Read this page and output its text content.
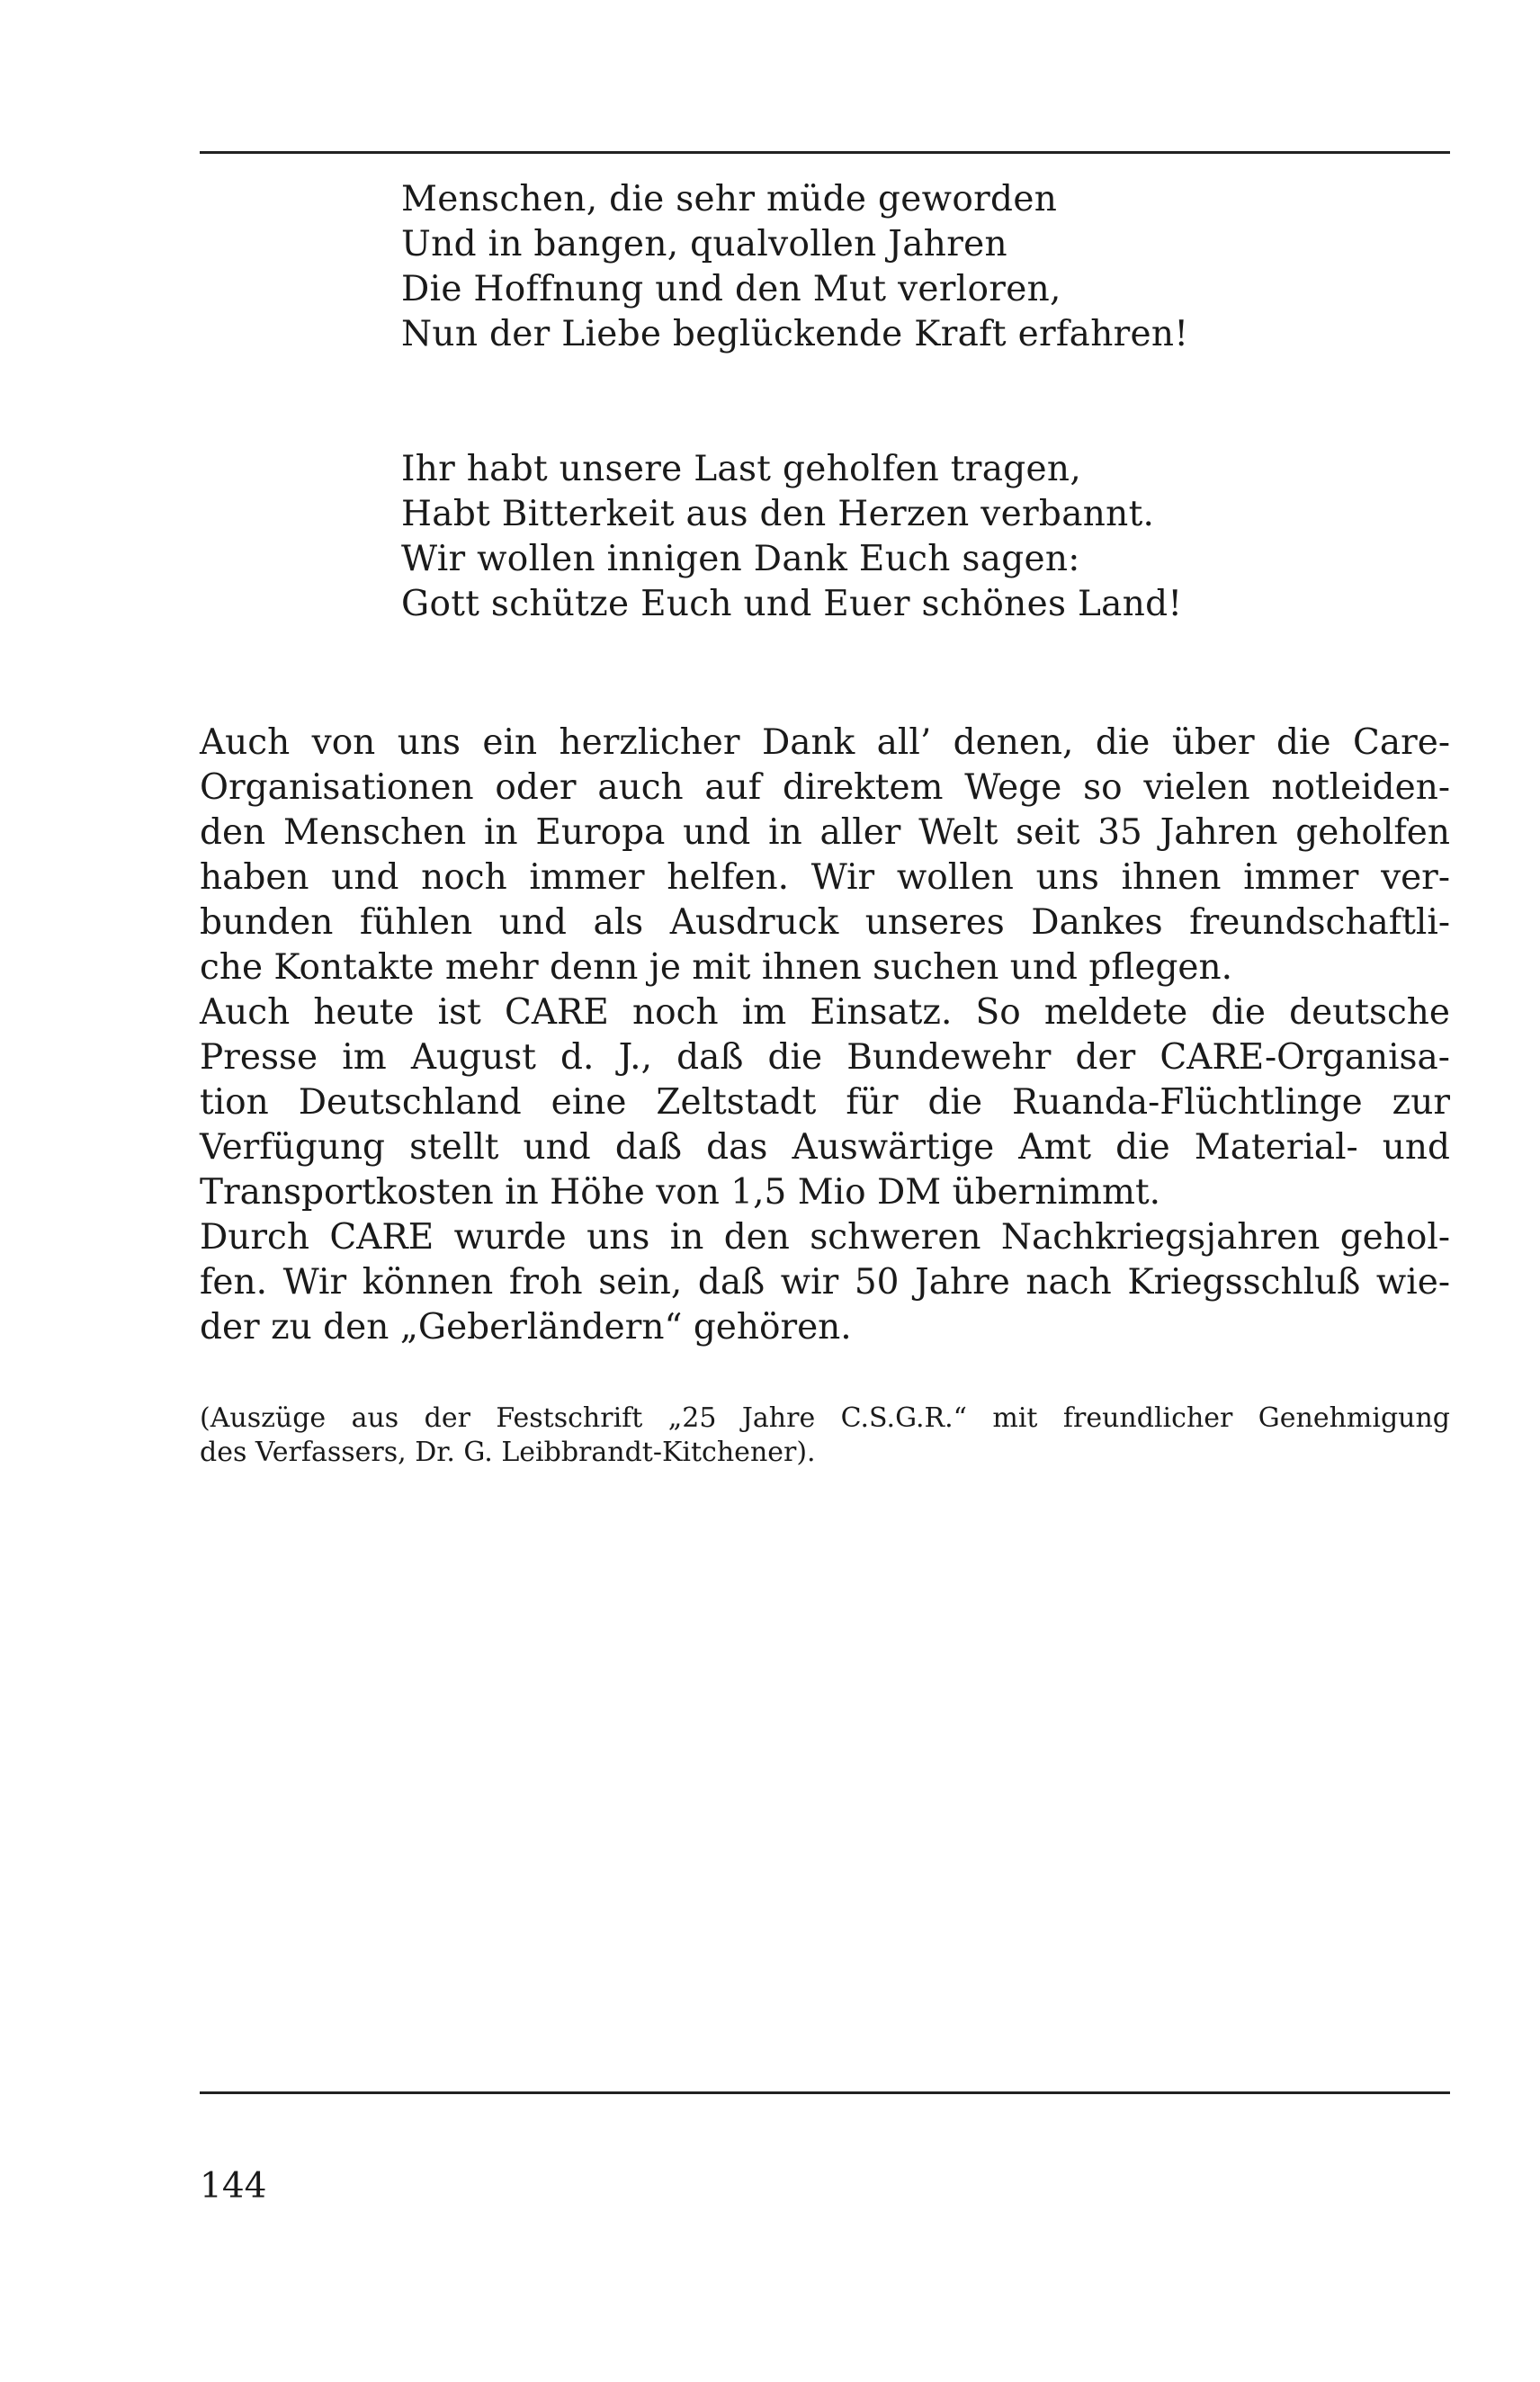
Menschen, die sehr müde geworden
Und in bangen, qualvollen Jahren
Die Hoffnung und den Mut verloren,
Nun der Liebe beglückende Kraft erfahren!
Ihr habt unsere Last geholfen tragen,
Habt Bitterkeit aus den Herzen verbannt.
Wir wollen innigen Dank Euch sagen:
Gott schütze Euch und Euer schönes Land!
Auch von uns ein herzlicher Dank all’ denen, die über die Care-
Organisationen oder auch auf direktem Wege so vielen notleiden-
den Menschen in Europa und in aller Welt seit 35 Jahren geholfen
haben und noch immer helfen. Wir wollen uns ihnen immer ver-
bunden fühlen und als Ausdruck unseres Dankes freundschaftli-
che Kontakte mehr denn je mit ihnen suchen und pflegen.
Auch heute ist CARE noch im Einsatz. So meldete die deutsche
Presse im August d. J., daß die Bundewehr der CARE-Organisa-
tion Deutschland eine Zeltstadt für die Ruanda-Flüchtlinge zur
Verfügung stellt und daß das Auswärtige Amt die Material- und
Transportkosten in Höhe von 1,5 Mio DM übernimmt.
Durch CARE wurde uns in den schweren Nachkriegsjahren gehol-
fen. Wir können froh sein, daß wir 50 Jahre nach Kriegsschluß wie-
der zu den „Geberländern“ gehören.
(Auszüge aus der Festschrift „25 Jahre C.S.G.R.“ mit freundlicher Genehmigung
des Verfassers, Dr. G. Leibbrandt-Kitchener).
144
